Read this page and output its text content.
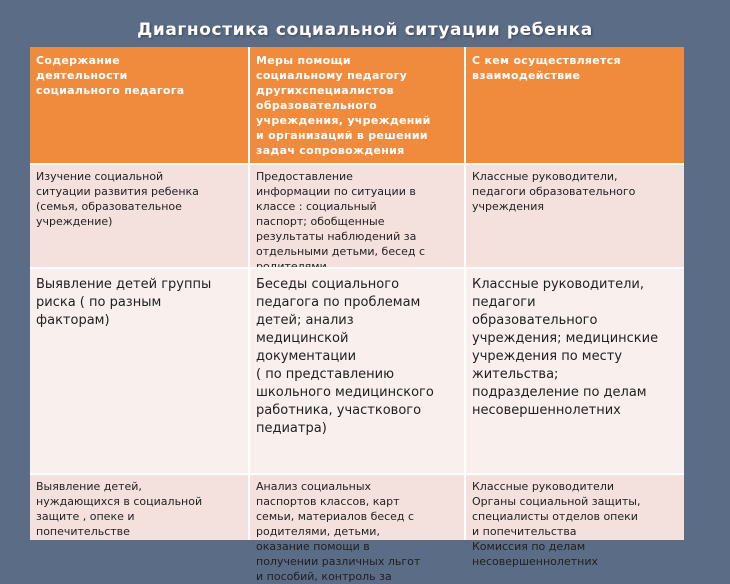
Диагностика социальной ситуации ребенка
Содержание
деятельности
социального педагога
Меры помощи
социальному педагогу
другихспециалистов
образовательного
учреждения, учреждений
и организаций в решении
задач сопровождения
С кем осуществляется
взаимодействие
Изучение социальной
ситуации развития ребенка
(семья, образовательное
учреждение)
Предоставление
информации по ситуации в
классе : социальный
паспорт; обобщенные
результаты наблюдений за
отдельными детьми, бесед с

Классные руководители,
педагоги образовательного
учреждения
Выявление детей группы
риска ( по разным
факторам)
Беседы социального
педагога по проблемам
детей; анализ
медицинской
документации
( по представлению
школьного медицинского
работника, участкового
педиатра)
Классные руководители,
педагоги
образовательного
учреждения; медицинские
учреждения по месту
жительства;
подразделение по делам
несовершеннолетних
Выявление детей,
нуждающихся в социальной
защите , опеке и
попечительстве
Анализ социальных
паспортов классов, карт
семьи, материалов бесед с
родителями, детьми,
оказание помощи в
получении различных льгот
и пособий, контроль за
Классные руководители
Органы социальной защиты,
специалисты отделов опеки
и попечительства
Комиссия по делам
несовершеннолетних
